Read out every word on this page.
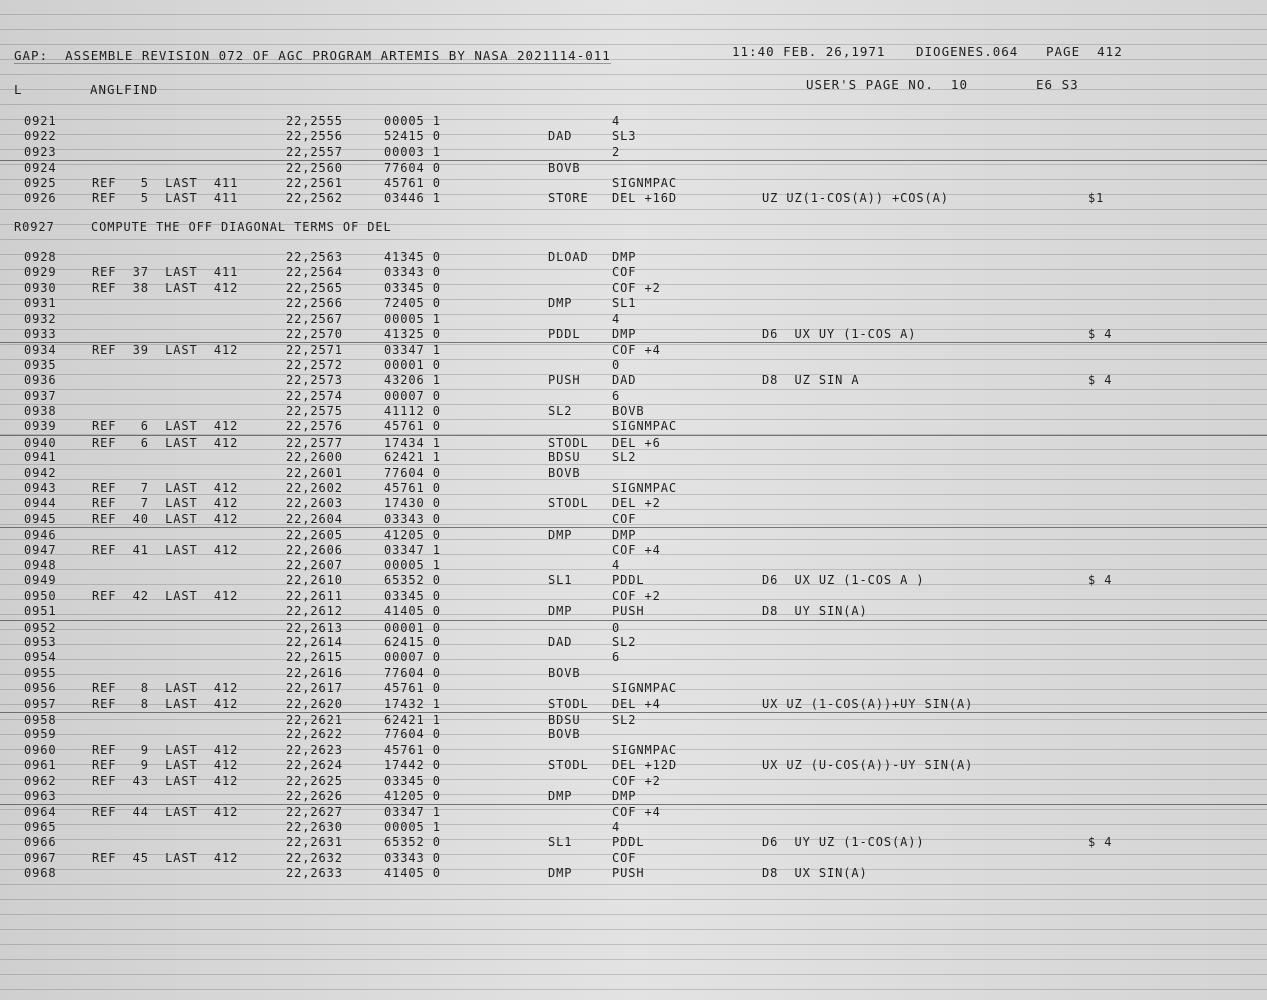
GAP:  ASSEMBLE REVISION 072 OF AGC PROGRAM ARTEMIS BY NASA 2021114-011	11:40 FEB. 26,1971 DIOGENES.064 PAGE  412
L	ANGLFIND	USER'S PAGE NO.  10	E6 S3
0921	22,2555	00005 1	4
0922	22,2556	52415 0	DAD	SL3
0923	22,2557	00003 1	2
0924	22,2560	77604 0	BOVB
0925	REF   5  LAST  411	22,2561	45761 0	SIGNMPAC
0926	REF   5  LAST  411	22,2562	03446 1	STORE DEL +16D	UZ UZ(1-COS(A)) +COS(A)	$1
R0927	COMPUTE THE OFF DIAGONAL TERMS OF DEL
0928	22,2563	41345 0	DLOAD DMP
0929	REF  37  LAST  411	22,2564	03343 0	COF
0930	REF  38  LAST  412	22,2565	03345 0	COF +2
0931	22,2566	72405 0	DMP	SL1
0932	22,2567	00005 1	4
0933	22,2570	41325 0	PDDL	DMP	D6  UX UY (1-COS A)	$ 4
0934	REF  39  LAST  412	22,2571	03347 1	COF +4
0935	22,2572	00001 0	0
0936	22,2573	43206 1	PUSH	DAD	D8  UZ SIN A	$ 4
0937	22,2574	00007 0	6
0938	22,2575	41112 0	SL2	BOVB
0939	REF   6  LAST  412	22,2576	45761 0	SIGNMPAC
0940	REF   6  LAST  412	22,2577	17434 1	STODL DEL +6
0941	22,2600	62421 1	BDSU	SL2
0942	22,2601	77604 0	BOVB
0943	REF   7  LAST  412	22,2602	45761 0	SIGNMPAC
0944	REF   7  LAST  412	22,2603	17430 0	STODL DEL +2
0945	REF  40  LAST  412	22,2604	03343 0	COF
0946	22,2605	41205 0	DMP	DMP
0947	REF  41  LAST  412	22,2606	03347 1	COF +4
0948	22,2607	00005 1	4
0949	22,2610	65352 0	SL1	PDDL	D6  UX UZ (1-COS A )	$ 4
0950	REF  42  LAST  412	22,2611	03345 0	COF +2
0951	22,2612	41405 0	DMP	PUSH	D8  UY SIN(A)
0952	22,2613	00001 0	0
0953	22,2614	62415 0	DAD	SL2
0954	22,2615	00007 0	6
0955	22,2616	77604 0	BOVB
0956	REF   8  LAST  412	22,2617	45761 0	SIGNMPAC
0957	REF   8  LAST  412	22,2620	17432 1	STODL DEL +4	UX UZ (1-COS(A))+UY SIN(A)
0958	22,2621	62421 1	BDSU	SL2
0959	22,2622	77604 0	BOVB
0960	REF   9  LAST  412	22,2623	45761 0	SIGNMPAC
0961	REF   9  LAST  412	22,2624	17442 0	STODL DEL +12D	UX UZ (U-COS(A))-UY SIN(A)
0962	REF  43  LAST  412	22,2625	03345 0	COF +2
0963	22,2626	41205 0	DMP	DMP
0964	REF  44  LAST  412	22,2627	03347 1	COF +4
0965	22,2630	00005 1	4
0966	22,2631	65352 0	SL1	PDDL	D6  UY UZ (1-COS(A))	$ 4
0967	REF  45  LAST  412	22,2632	03343 0	COF
0968	22,2633	41405 0	DMP	PUSH	D8  UX SIN(A)
